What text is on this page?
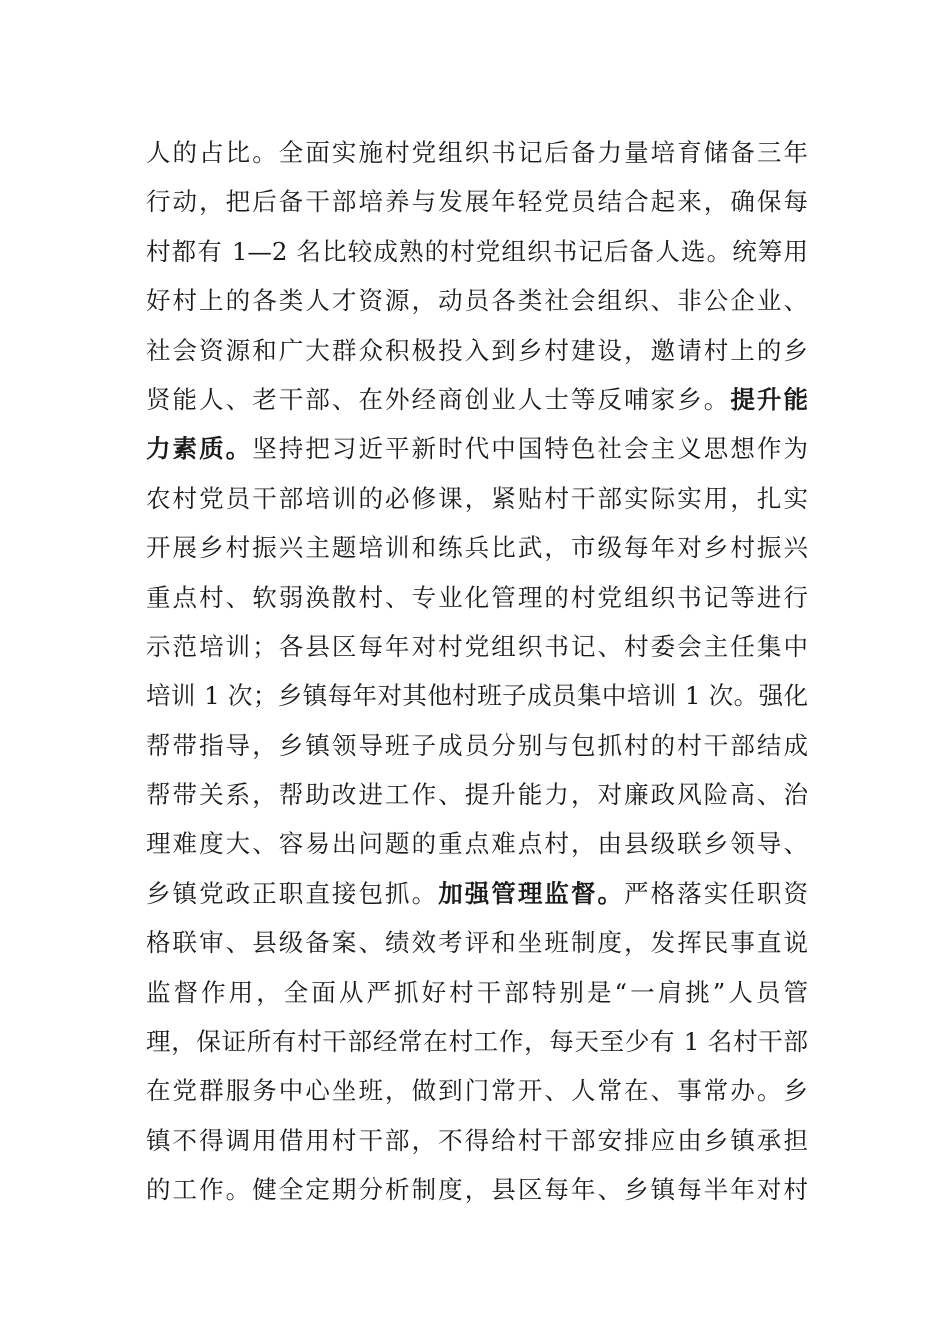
人的占比。全面实施村党组织书记后备力量培育储备三年
行动，把后备干部培养与发展年轻党员结合起来，确保每
村都有 1—2 名比较成熟的村党组织书记后备人选。统筹用
好村上的各类人才资源，动员各类社会组织、非公企业、
社会资源和广大群众积极投入到乡村建设，邀请村上的乡
贤能人、老干部、在外经商创业人士等反哺家乡。提升能
力素质。坚持把习近平新时代中国特色社会主义思想作为
农村党员干部培训的必修课，紧贴村干部实际实用，扎实
开展乡村振兴主题培训和练兵比武，市级每年对乡村振兴
重点村、软弱涣散村、专业化管理的村党组织书记等进行
示范培训；各县区每年对村党组织书记、村委会主任集中
培训 1 次；乡镇每年对其他村班子成员集中培训 1 次。强化
帮带指导，乡镇领导班子成员分别与包抓村的村干部结成
帮带关系，帮助改进工作、提升能力，对廉政风险高、治
理难度大、容易出问题的重点难点村，由县级联乡领导、
乡镇党政正职直接包抓。加强管理监督。严格落实任职资
格联审、县级备案、绩效考评和坐班制度，发挥民事直说
监督作用，全面从严抓好村干部特别是“一肩挑”人员管
理，保证所有村干部经常在村工作，每天至少有 1 名村干部
在党群服务中心坐班，做到门常开、人常在、事常办。乡
镇不得调用借用村干部，不得给村干部安排应由乡镇承担
的工作。健全定期分析制度，县区每年、乡镇每半年对村
